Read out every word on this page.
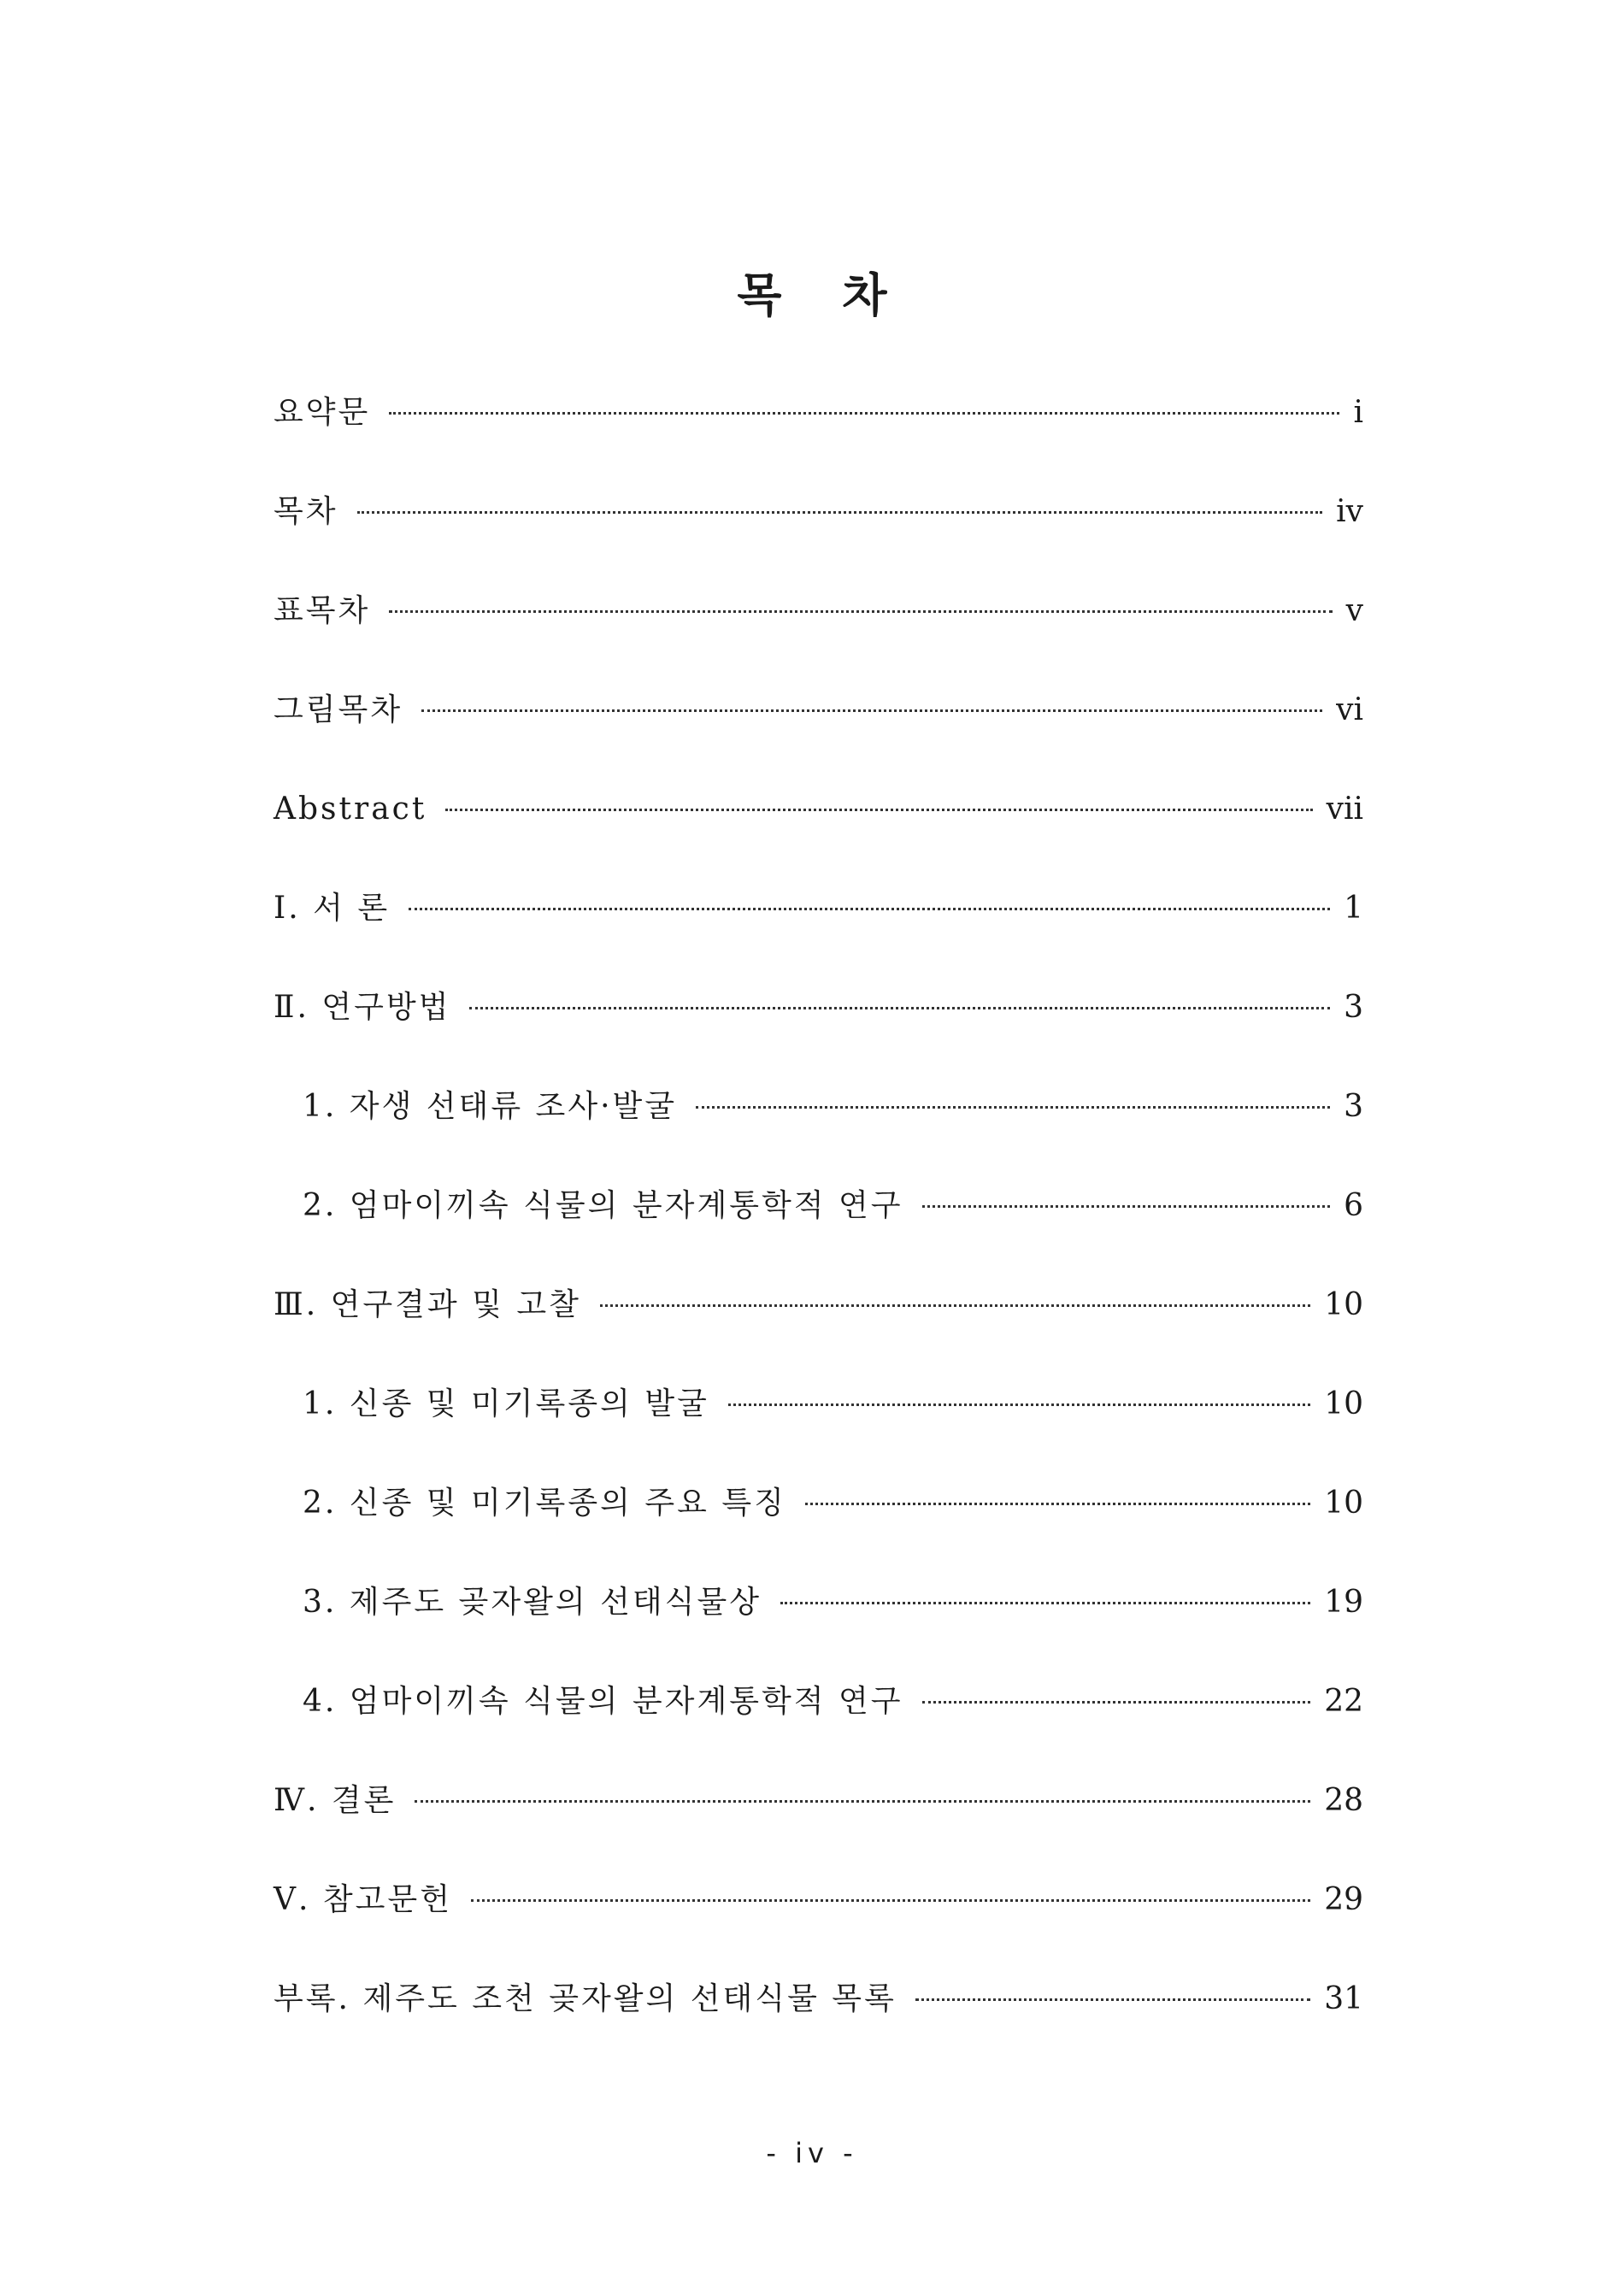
목 차
요약문	i
목차	iv
표목차	v
그림목차	vi
Abstract	vii
Ⅰ. 서 론	1
Ⅱ. 연구방법	3
1. 자생 선태류 조사·발굴	3
2. 엄마이끼속 식물의 분자계통학적 연구	6
Ⅲ. 연구결과 및 고찰	10
1. 신종 및 미기록종의 발굴	10
2. 신종 및 미기록종의 주요 특징	10
3. 제주도 곶자왈의 선태식물상	19
4. 엄마이끼속 식물의 분자계통학적 연구	22
Ⅳ. 결론	28
Ⅴ. 참고문헌	29
부록. 제주도 조천 곶자왈의 선태식물 목록	31
- iv -
